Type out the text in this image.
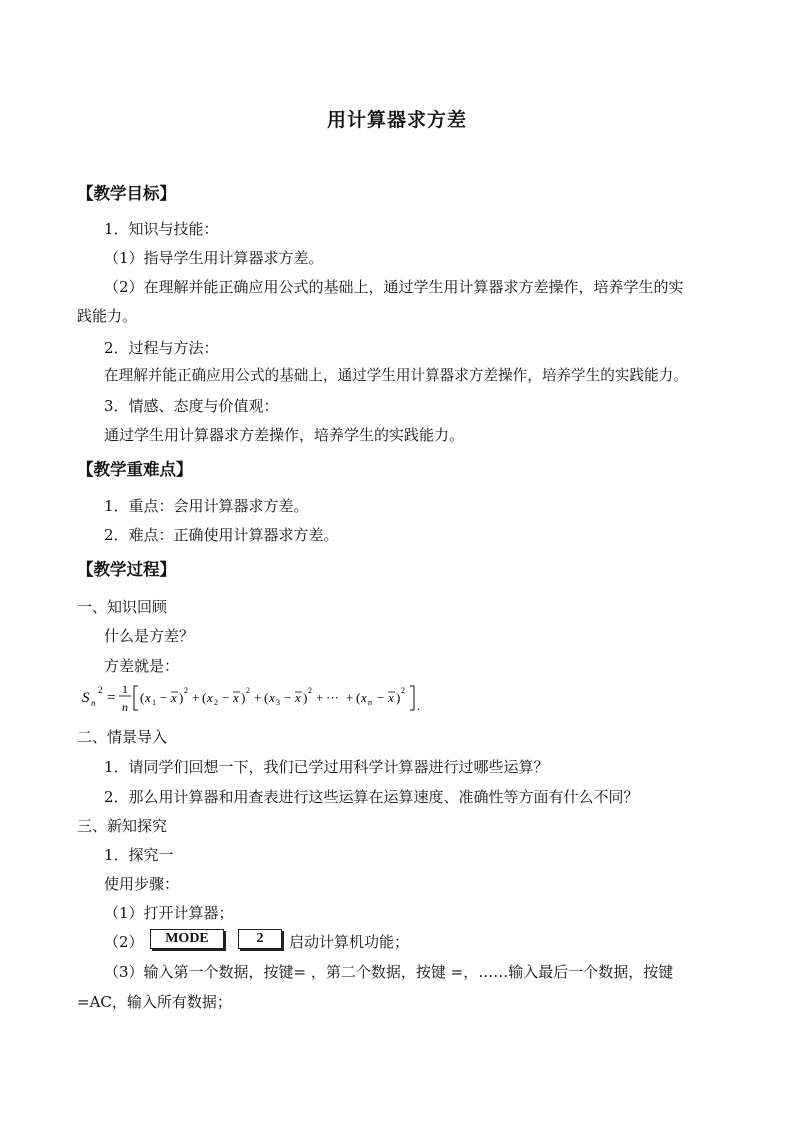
用计算器求方差
【教学目标】
1．知识与技能：
（1）指导学生用计算器求方差。
（2）在理解并能正确应用公式的基础上，通过学生用计算器求方差操作，培养学生的实
践能力。
2．过程与方法：
在理解并能正确应用公式的基础上，通过学生用计算器求方差操作，培养学生的实践能力。
3．情感、态度与价值观：
通过学生用计算器求方差操作，培养学生的实践能力。
【教学重难点】
1．重点：会用计算器求方差。
2．难点：正确使用计算器求方差。
【教学过程】
一、知识回顾
什么是方差？
方差就是：
S n
2 =
1
n
( x 1 − x ) 2 + ( x 2 − x ) 2 + ( x 3 − x ) 2 + ··· + ( x n − x ) 2
.
二、情景导入
1．请同学们回想一下，我们已学过用科学计算器进行过哪些运算？
2．那么用计算器和用查表进行这些运算在运算速度、准确性等方面有什么不同？
三、新知探究
1．探究一
使用步骤：
（1）打开计算器；
（2）	MODE	2	启动计算机功能；
（3）输入第一个数据，按键= ，第二个数据，按键 =，……输入最后一个数据，按键
=AC，输入所有数据；
